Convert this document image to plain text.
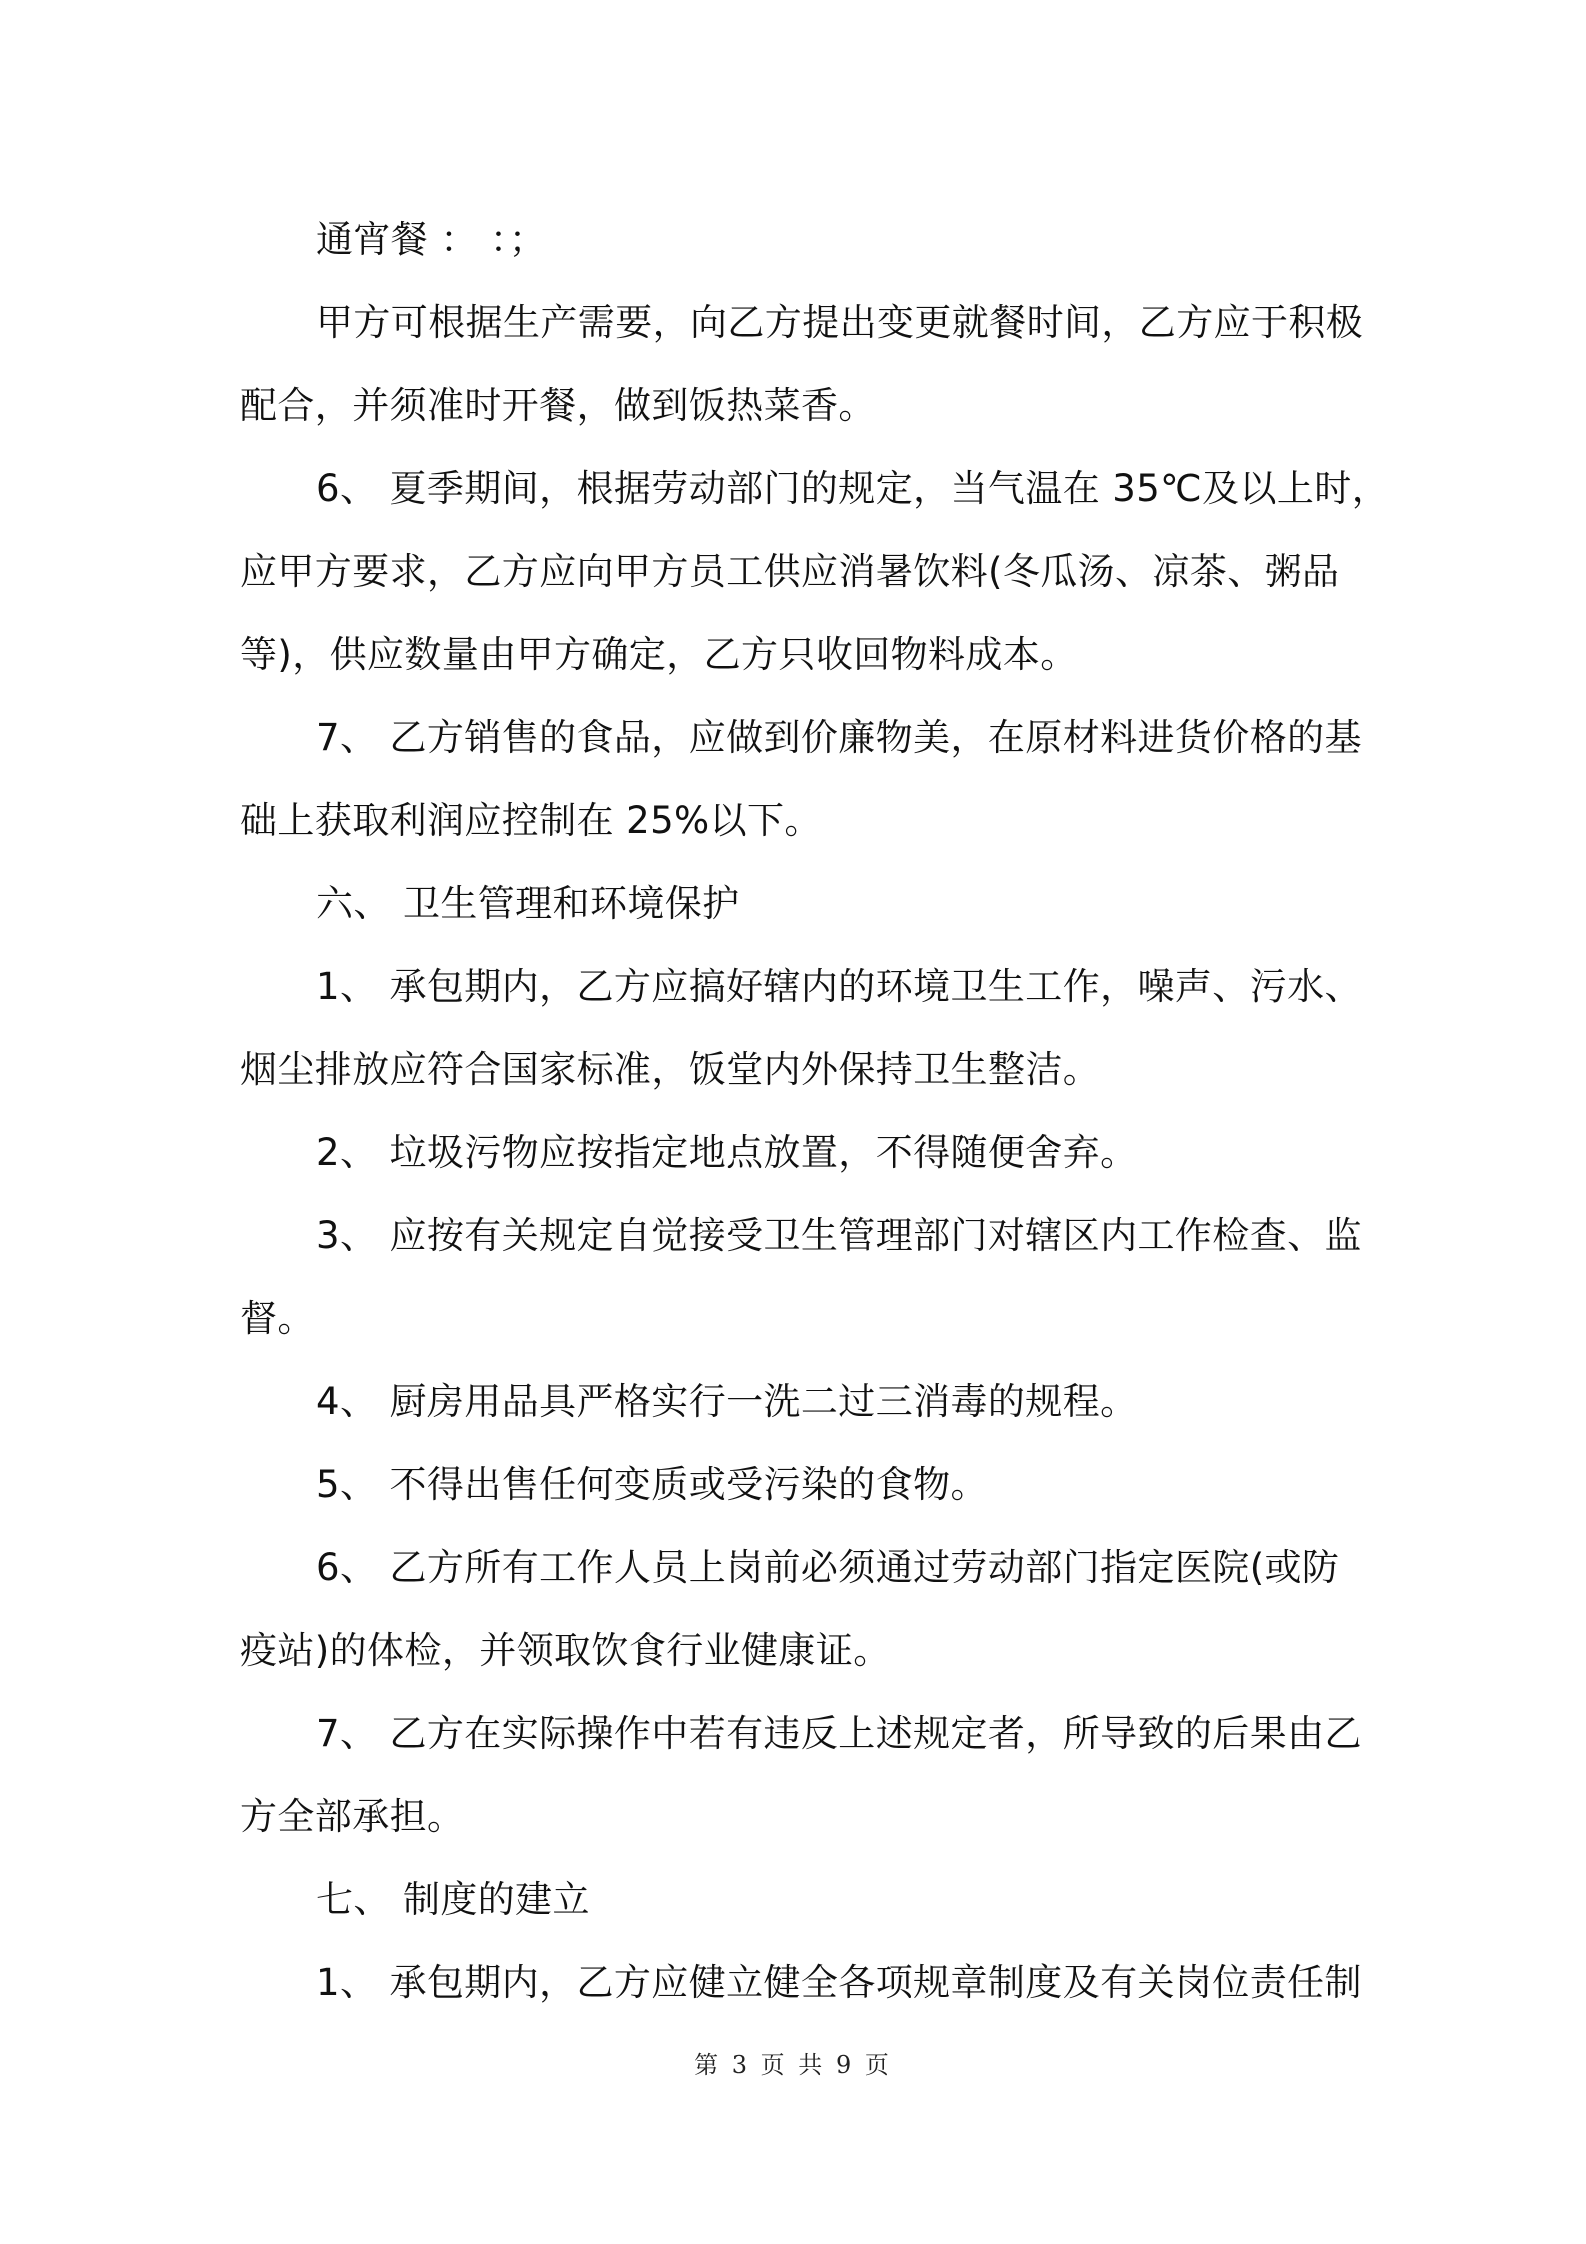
通宵餐 ： ：；
甲方可根据生产需要，向乙方提出变更就餐时间，乙方应于积极
配合，并须准时开餐，做到饭热菜香。
6、 夏季期间，根据劳动部门的规定，当气温在 35℃及以上时，
应甲方要求，乙方应向甲方员工供应消暑饮料(冬瓜汤、凉茶、粥品
等)，供应数量由甲方确定，乙方只收回物料成本。
7、 乙方销售的食品，应做到价廉物美，在原材料进货价格的基
础上获取利润应控制在 25%以下。
六、 卫生管理和环境保护
1、 承包期内，乙方应搞好辖内的环境卫生工作，噪声、污水、
烟尘排放应符合国家标准，饭堂内外保持卫生整洁。
2、 垃圾污物应按指定地点放置，不得随便舍弃。
3、 应按有关规定自觉接受卫生管理部门对辖区内工作检查、监
督。
4、 厨房用品具严格实行一洗二过三消毒的规程。
5、 不得出售任何变质或受污染的食物。
6、 乙方所有工作人员上岗前必须通过劳动部门指定医院(或防
疫站)的体检，并领取饮食行业健康证。
7、 乙方在实际操作中若有违反上述规定者，所导致的后果由乙
方全部承担。
七、 制度的建立
1、 承包期内，乙方应健立健全各项规章制度及有关岗位责任制
第 3 页 共 9 页
